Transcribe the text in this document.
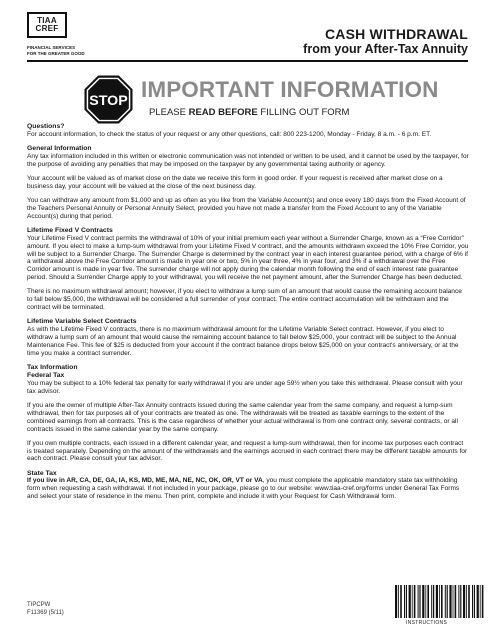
TIAA
CREF
FINANCIAL SERVICES
FOR THE GREATER GOOD
CASH WITHDRAWAL
from your After-Tax Annuity
STOP IMPORTANT INFORMATION
PLEASE READ BEFORE FILLING OUT FORM
Questions?

For account information, to check the status of your request or any other questions, call: 800 223-1200, Monday - Friday, 8 a.m. - 6 p.m. ET.

General Information

Any tax information included in this written or electronic communication was not intended or written to be used, and it cannot be used by the taxpayer, for the purpose of avoiding any penalties that may be imposed on the taxpayer by any governmental taxing authority or agency.

Your account will be valued as of market close on the date we receive this form in good order. If your request is received after market close on a business day, your account will be valued at the close of the next business day.

You can withdraw any amount from $1,000 and up as often as you like from the Variable Account(s) and once every 180 days from the Fixed Account of the Teachers Personal Annuity or Personal Annuity Select, provided you have not made a transfer from the Fixed Account to any of the Variable Account(s) during that period.

Lifetime Fixed V Contracts

Your Lifetime Fixed V contract permits the withdrawal of 10% of your initial premium each year without a Surrender Charge, known as a “Free Corridor” amount. If you elect to make a lump-sum withdrawal from your Lifetime Fixed V contract, and the amounts withdrawn exceed the 10% Free Corridor, you will be subject to a Surrender Charge. The Surrender Charge is determined by the contract year in each interest guarantee period, with a charge of 6% if a withdrawal above the Free Corridor amount is made in year one or two, 5% in year three, 4% in year four, and 3% if a withdrawal over the Free Corridor amount is made in year five. The surrender charge will not apply during the calendar month following the end of each interest rate guarantee period. Should a Surrender Charge apply to your withdrawal, you will receive the net payment amount, after the Surrender Charge has been deducted.

There is no maximum withdrawal amount; however, if you elect to withdraw a lump sum of an amount that would cause the remaining account balance to fall below $5,000, the withdrawal will be considered a full surrender of your contract. The entire contract accumulation will be withdrawn and the contract will be terminated.

Lifetime Variable Select Contracts

As with the Lifetime Fixed V contracts, there is no maximum withdrawal amount for the Lifetime Variable Select contract. However, if you elect to withdraw a lump sum of an amount that would cause the remaining account balance to fall below $25,000, your contract will be subject to the Annual Maintenance Fee. This fee of $25 is deducted from your account if the contract balance drops below $25,000 on your contract's anniversary, or at the time you make a contract surrender.

Tax Information
Federal Tax

You may be subject to a 10% federal tax penalty for early withdrawal if you are under age 59½ when you take this withdrawal. Please consult with your tax advisor.

If you are the owner of multiple After-Tax Annuity contracts issued during the same calendar year from the same company, and request a lump-sum withdrawal, then for tax purposes all of your contracts are treated as one. The withdrawals will be treated as taxable earnings to the extent of the combined earnings from all contracts. This is the case regardless of whether your actual withdrawal is from one contract only, several contracts, or all contracts issued in the same calendar year by the same company.

If you own multiple contracts, each issued in a different calendar year, and request a lump-sum withdrawal, then for income tax purposes each contract is treated separately. Depending on the amount of the withdrawals and the earnings accrued in each contract there may be different taxable amounts for each contract. Please consult your tax advisor.

State Tax

If you live in AR, CA, DE, GA, IA, KS, MD, ME, MA, NE, NC, OK, OR, VT or VA, you must complete the applicable mandatory state tax withholding form when requesting a cash withdrawal. If not included in your package, please go to our website: www.tiaa-cref.org/forms under General Tax Forms and select your state of residence in the menu. Then print, complete and include it with your Request for Cash Withdrawal form.

TIPCPW
F11369 (5/11)
INSTRUCTIONS
